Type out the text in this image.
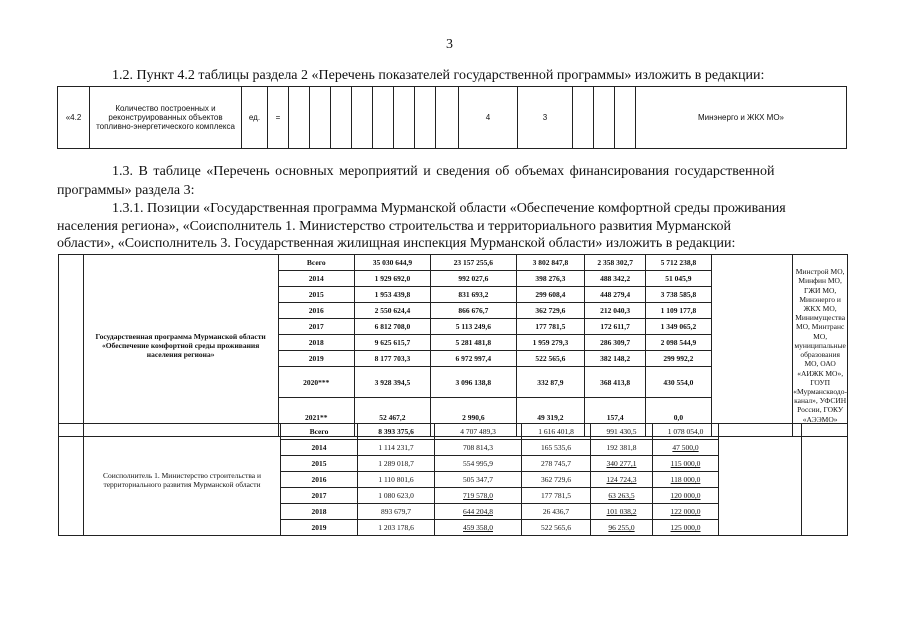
3
1.2. Пункт 4.2 таблицы раздела 2 «Перечень показателей государственной программы» изложить в редакции:
«4.2	Количество построенных и реконструированных объектов топливно-энергетического комплекса	ед.	=									4	3				Минэнерго и ЖКХ МО»
1.3. В таблице «Перечень основных мероприятий и сведения об объемах финансирования государственной
программы» раздела 3:
1.3.1. Позиции «Государственная программа Мурманской области «Обеспечение комфортной среды проживания
населения региона», «Соисполнитель 1. Министерство строительства и территориального развития Мурманской
области», «Соисполнитель 3. Государственная жилищная инспекция Мурманской области» изложить в редакции:

	Государственная программа Мурманской области «Обеспечение комфортной среды проживания населения региона»	Всего	35 030 644,9	23 157 255,6	3 802 847,8	2 358 302,7	5 712 238,8		Минстрой МО, Минфин МО, ГЖИ МО, Минэнерго и ЖКХ МО, Минимущества МО, Минтранс МО, муниципальные образования МО, ОАО «АИЖК МО», ГОУП «Мурманскводо-канал», УФСИН России, ГОКУ «АЭЭМО»

		2014	1 929 692,0	992 027,6	398 276,3	488 342,2	51 045,9		
		2015	1 953 439,8	831 693,2	299 608,4	448 279,4	3 738 585,8		
		2016	2 550 624,4	866 676,7	362 729,6	212 040,3	1 109 177,8		
		2017	6 812 708,0	5 113 249,6	177 781,5	172 611,7	1 349 065,2		
		2018	9 625 615,7	5 281 481,8	1 959 279,3	286 309,7	2 098 544,9		
		2019	8 177 703,3	6 972 997,4	522 565,6	382 148,2	299 992,2		
		2020***	3 928 394,5	3 096 138,8	332 87,9	368 413,8	430 554,0		
		2021**	52 467,2	2 990,6	49 319,2	157,4	0,0		

	Соисполнитель 1. Министерство строительства и территориального развития Мурманской области	Всего	8 393 375,6	4 707 489,3	1 616 401,8	991 430,5	1 078 054,0		
		2014	1 114 231,7	708 814,3	165 535,6	192 381,8	47 500,0		
		2015	1 289 018,7	554 995,9	278 745,7	340 277,1	115 000,0		
		2016	1 110 801,6	505 347,7	362 729,6	124 724,3	118 000,0		
		2017	1 080 623,0	719 578,0	177 781,5	63 263,5	120 000,0		
		2018	893 679,7	644 204,8	26 436,7	101 038,2	122 000,0		
		2019	1 203 178,6	459 358,0	522 565,6	96 255,0	125 000,0		
